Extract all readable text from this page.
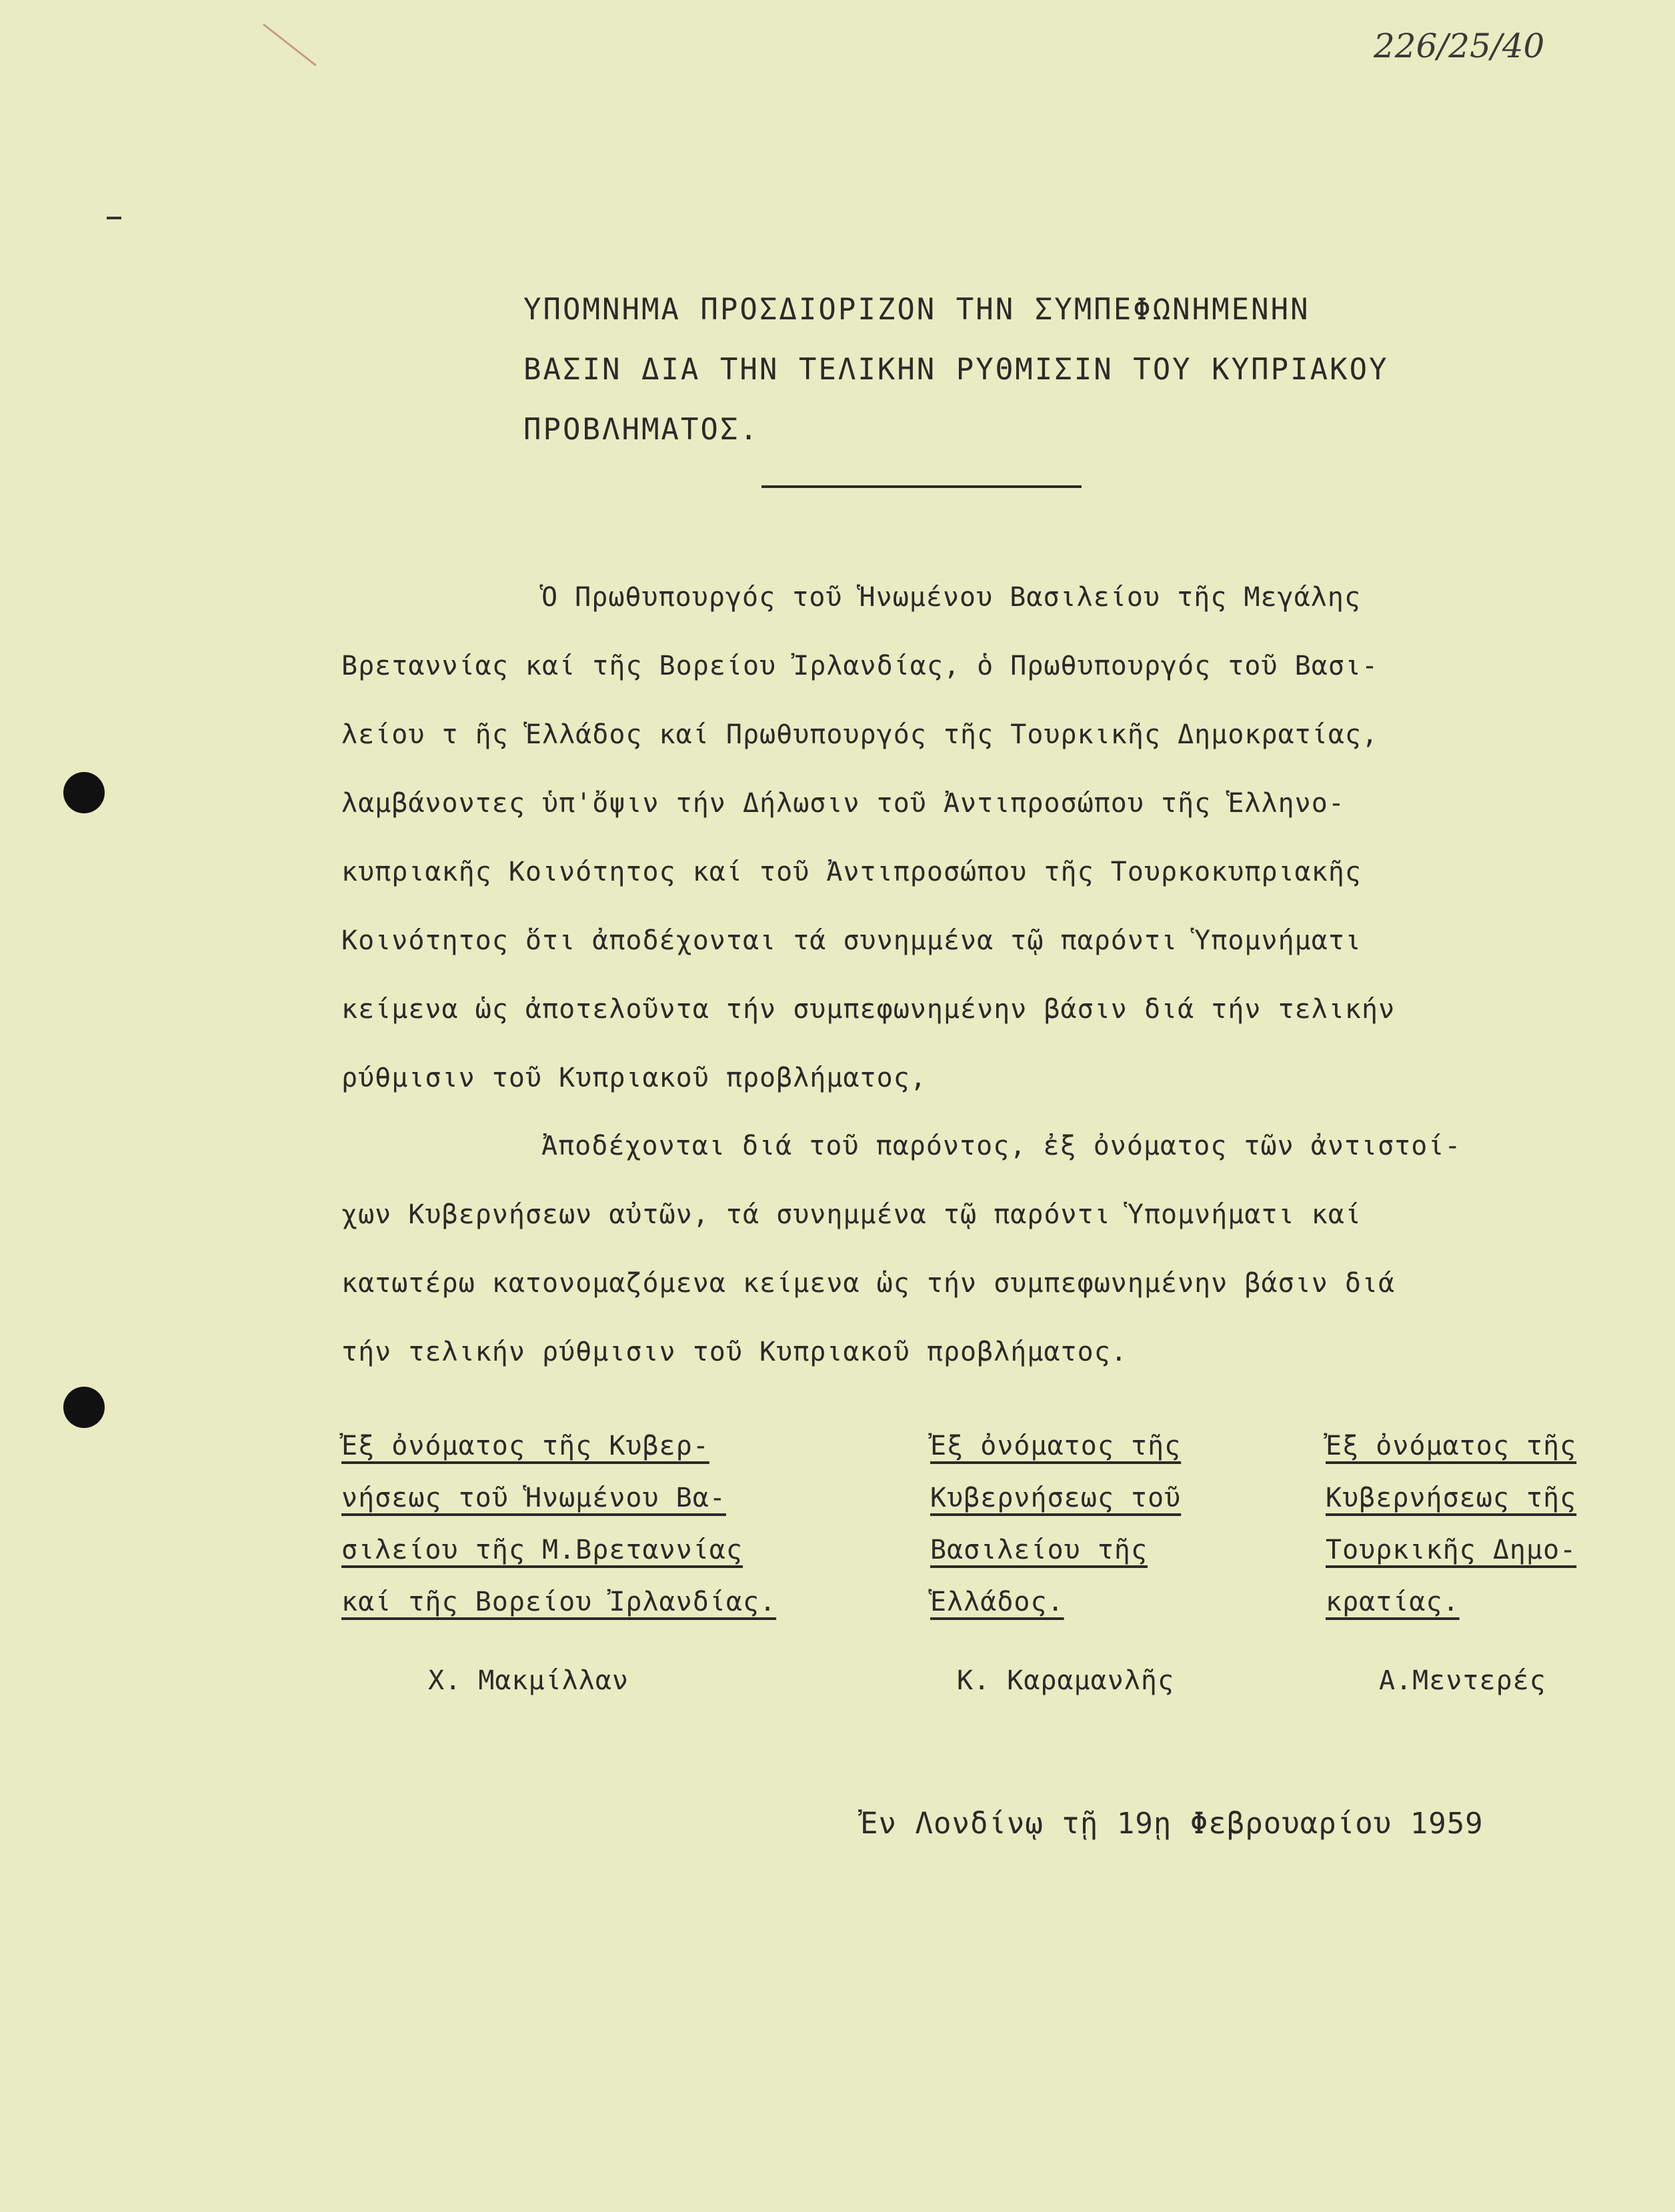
226/25/40
ΥΠΟΜΝΗΜΑ ΠΡΟΣΔΙΟΡΙΖΟΝ ΤΗΝ ΣΥΜΠΕΦΩΝΗΜΕΝΗΝ
ΒΑΣΙΝ ΔΙΑ ΤΗΝ ΤΕΛΙΚΗΝ ΡΥΘΜΙΣΙΝ ΤΟΥ ΚΥΠΡΙΑΚΟΥ
ΠΡΟΒΛΗΜΑΤΟΣ.
Ὁ Πρωθυπουργός τοῦ Ἡνωμένου Βασιλείου τῆς Μεγάλης
Βρεταννίας καί τῆς Βορείου Ἰρλανδίας, ὁ Πρωθυπουργός τοῦ Βασι-
λείου τ ῆς Ἑλλάδος καί Πρωθυπουργός τῆς Τουρκικῆς Δημοκρατίας,
λαμβάνοντες ὑπ'ὄψιν τήν Δήλωσιν τοῦ Ἀντιπροσώπου τῆς Ἑλληνο-
κυπριακῆς Κοινότητος καί τοῦ Ἀντιπροσώπου τῆς Τουρκοκυπριακῆς
Κοινότητος ὅτι ἀποδέχονται τά συνημμένα τῷ παρόντι Ὑπομνήματι
κείμενα ὡς ἀποτελοῦντα τήν συμπεφωνημένην βάσιν διά τήν τελικήν
ρύθμισιν τοῦ Κυπριακοῦ προβλήματος,
Ἀποδέχονται διά τοῦ παρόντος, ἐξ ὀνόματος τῶν ἀντιστοί-
χων Κυβερνήσεων αὐτῶν, τά συνημμένα τῷ παρόντι Ὑπομνήματι καί
κατωτέρω κατονομαζόμενα κείμενα ὡς τήν συμπεφωνημένην βάσιν διά
τήν τελικήν ρύθμισιν τοῦ Κυπριακοῦ προβλήματος.
Ἐξ ὀνόματος τῆς Κυβερ-
νήσεως τοῦ Ἡνωμένου Βα-
σιλείου τῆς Μ.Βρεταννίας
καί τῆς Βορείου Ἰρλανδίας.
Χ. Μακμίλλαν
Ἐξ ὀνόματος τῆς
Κυβερνήσεως τοῦ
Βασιλείου τῆς
Ἑλλάδος.
Κ. Καραμανλῆς
Ἐξ ὀνόματος τῆς
Κυβερνήσεως τῆς
Τουρκικῆς Δημο-
κρατίας.
Α.Μεντερές
Ἐν Λονδίνῳ τῇ 19ῃ Φεβρουαρίου 1959
